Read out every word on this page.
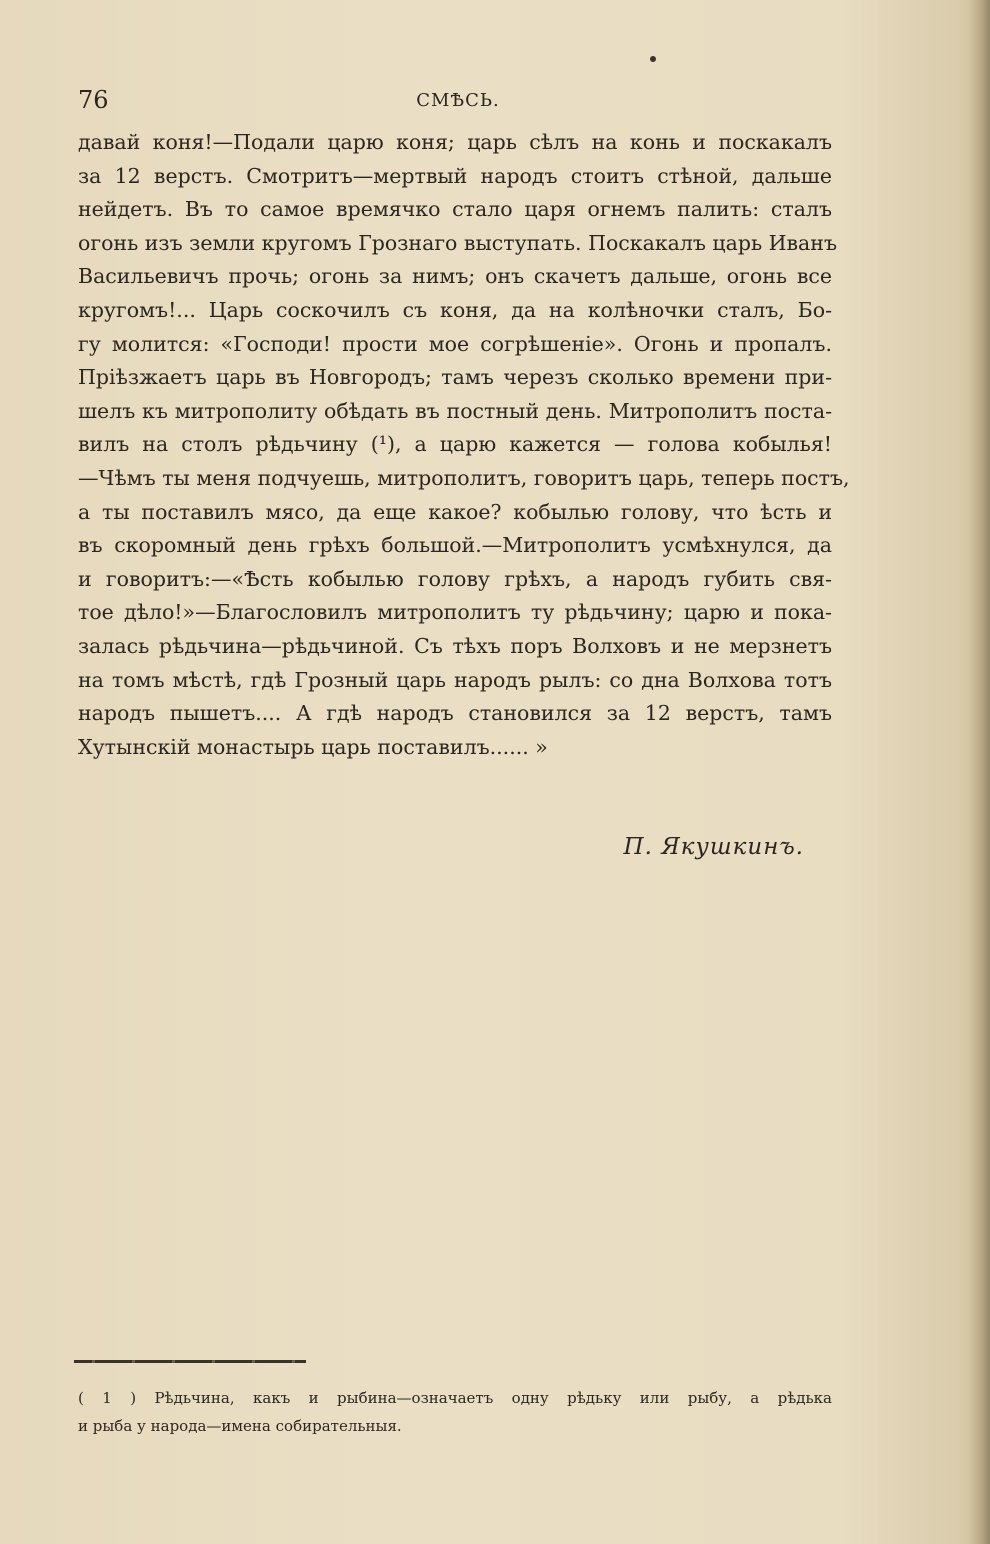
76	СМѢСЬ.
давай коня!—Подали царю коня; царь сѣлъ на конь и поскакалъ
за 12 верстъ. Смотритъ—мертвый народъ стоитъ стѣной, дальше
нейдетъ. Въ то самое времячко стало царя огнемъ палить: сталъ
огонь изъ земли кругомъ Грознаго выступать. Поскакалъ царь Иванъ
Васильевичъ прочь; огонь за нимъ; онъ скачетъ дальше, огонь все
кругомъ!... Царь соскочилъ съ коня, да на колѣночки сталъ, Бо-
гу молится: «Господи! прости мое согрѣшеніе». Огонь и пропалъ.
Пріѣзжаетъ царь въ Новгородъ; тамъ черезъ сколько времени при-
шелъ къ митрополиту обѣдать въ постный день. Митрополитъ поста-
вилъ на столъ рѣдьчину (¹), а царю кажется — голова кобылья!
—Чѣмъ ты меня подчуешь, митрополитъ, говоритъ царь, теперь постъ,
а ты поставилъ мясо, да еще какое? кобылью голову, что ѣсть и
въ скоромный день грѣхъ большой.—Митрополитъ усмѣхнулся, да
и говоритъ:—«Ѣсть кобылью голову грѣхъ, а народъ губить свя-
тое дѣло!»—Благословилъ митрополитъ ту рѣдьчину; царю и пока-
залась рѣдьчина—рѣдьчиной. Съ тѣхъ поръ Волховъ и не мерзнетъ
на томъ мѣстѣ, гдѣ Грозный царь народъ рылъ: со дна Волхова тотъ
народъ пышетъ.... А гдѣ народъ становился за 12 верстъ, тамъ
Хутынскій монастырь царь поставилъ...... »
П. Якушкинъ.
( 1 ) Рѣдьчина, какъ и рыбина—означаетъ одну рѣдьку или рыбу, а рѣдька
и рыба у народа—имена собирательныя.
